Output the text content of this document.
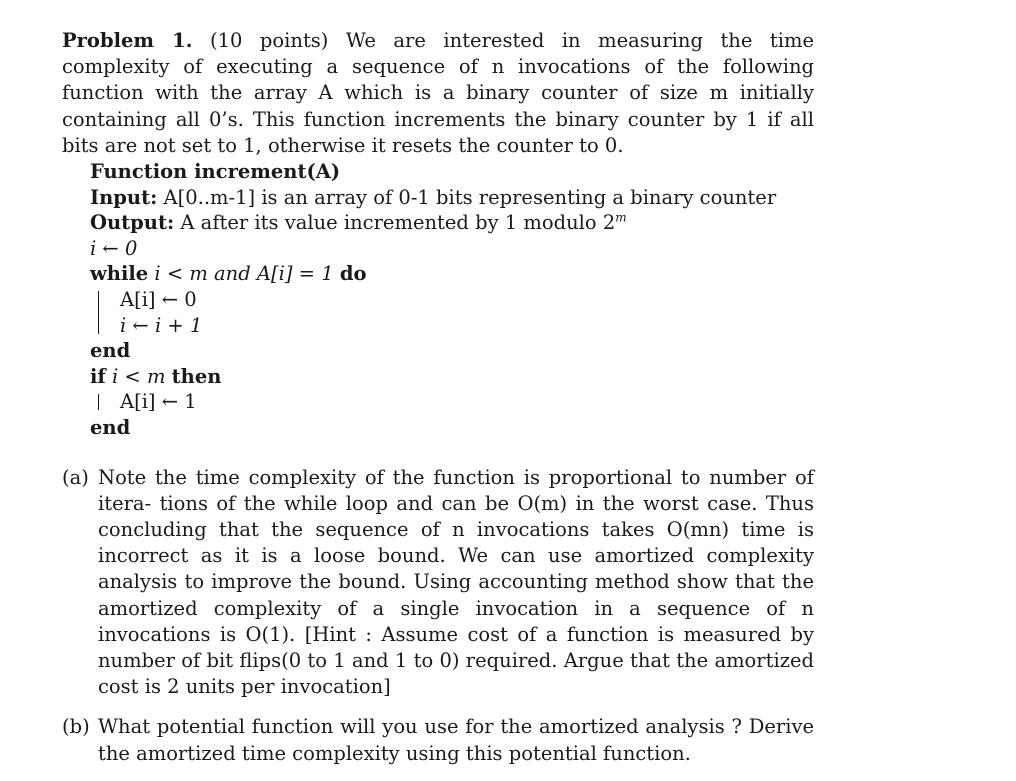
Problem 1. (10 points) We are interested in measuring the time complexity of executing a sequence of n invocations of the following function with the array A which is a binary counter of size m initially containing all 0’s. This function increments the binary counter by 1 if all bits are not set to 1, otherwise it resets the counter to 0.

Function increment(A)
Input: A[0..m-1] is an array of 0-1 bits representing a binary counter
Output: A after its value incremented by 1 modulo 2$^m$
i ← 0
while i < m and A[i] = 1 do
A[i] ← 0
i ← i + 1
end
if i < m then
A[i] ← 1
end
(a) Note the time complexity of the function is proportional to number of itera- tions of the while loop and can be O(m) in the worst case. Thus concluding that the sequence of n invocations takes O(mn) time is incorrect as it is a loose bound. We can use amortized complexity analysis to improve the bound. Using accounting method show that the amortized complexity of a single invocation in a sequence of n invocations is O(1). [Hint : Assume cost of a function is measured by number of bit flips(0 to 1 and 1 to 0) required. Argue that the amortized cost is 2 units per invocation]
(b) What potential function will you use for the amortized analysis ? Derive the amortized time complexity using this potential function.
